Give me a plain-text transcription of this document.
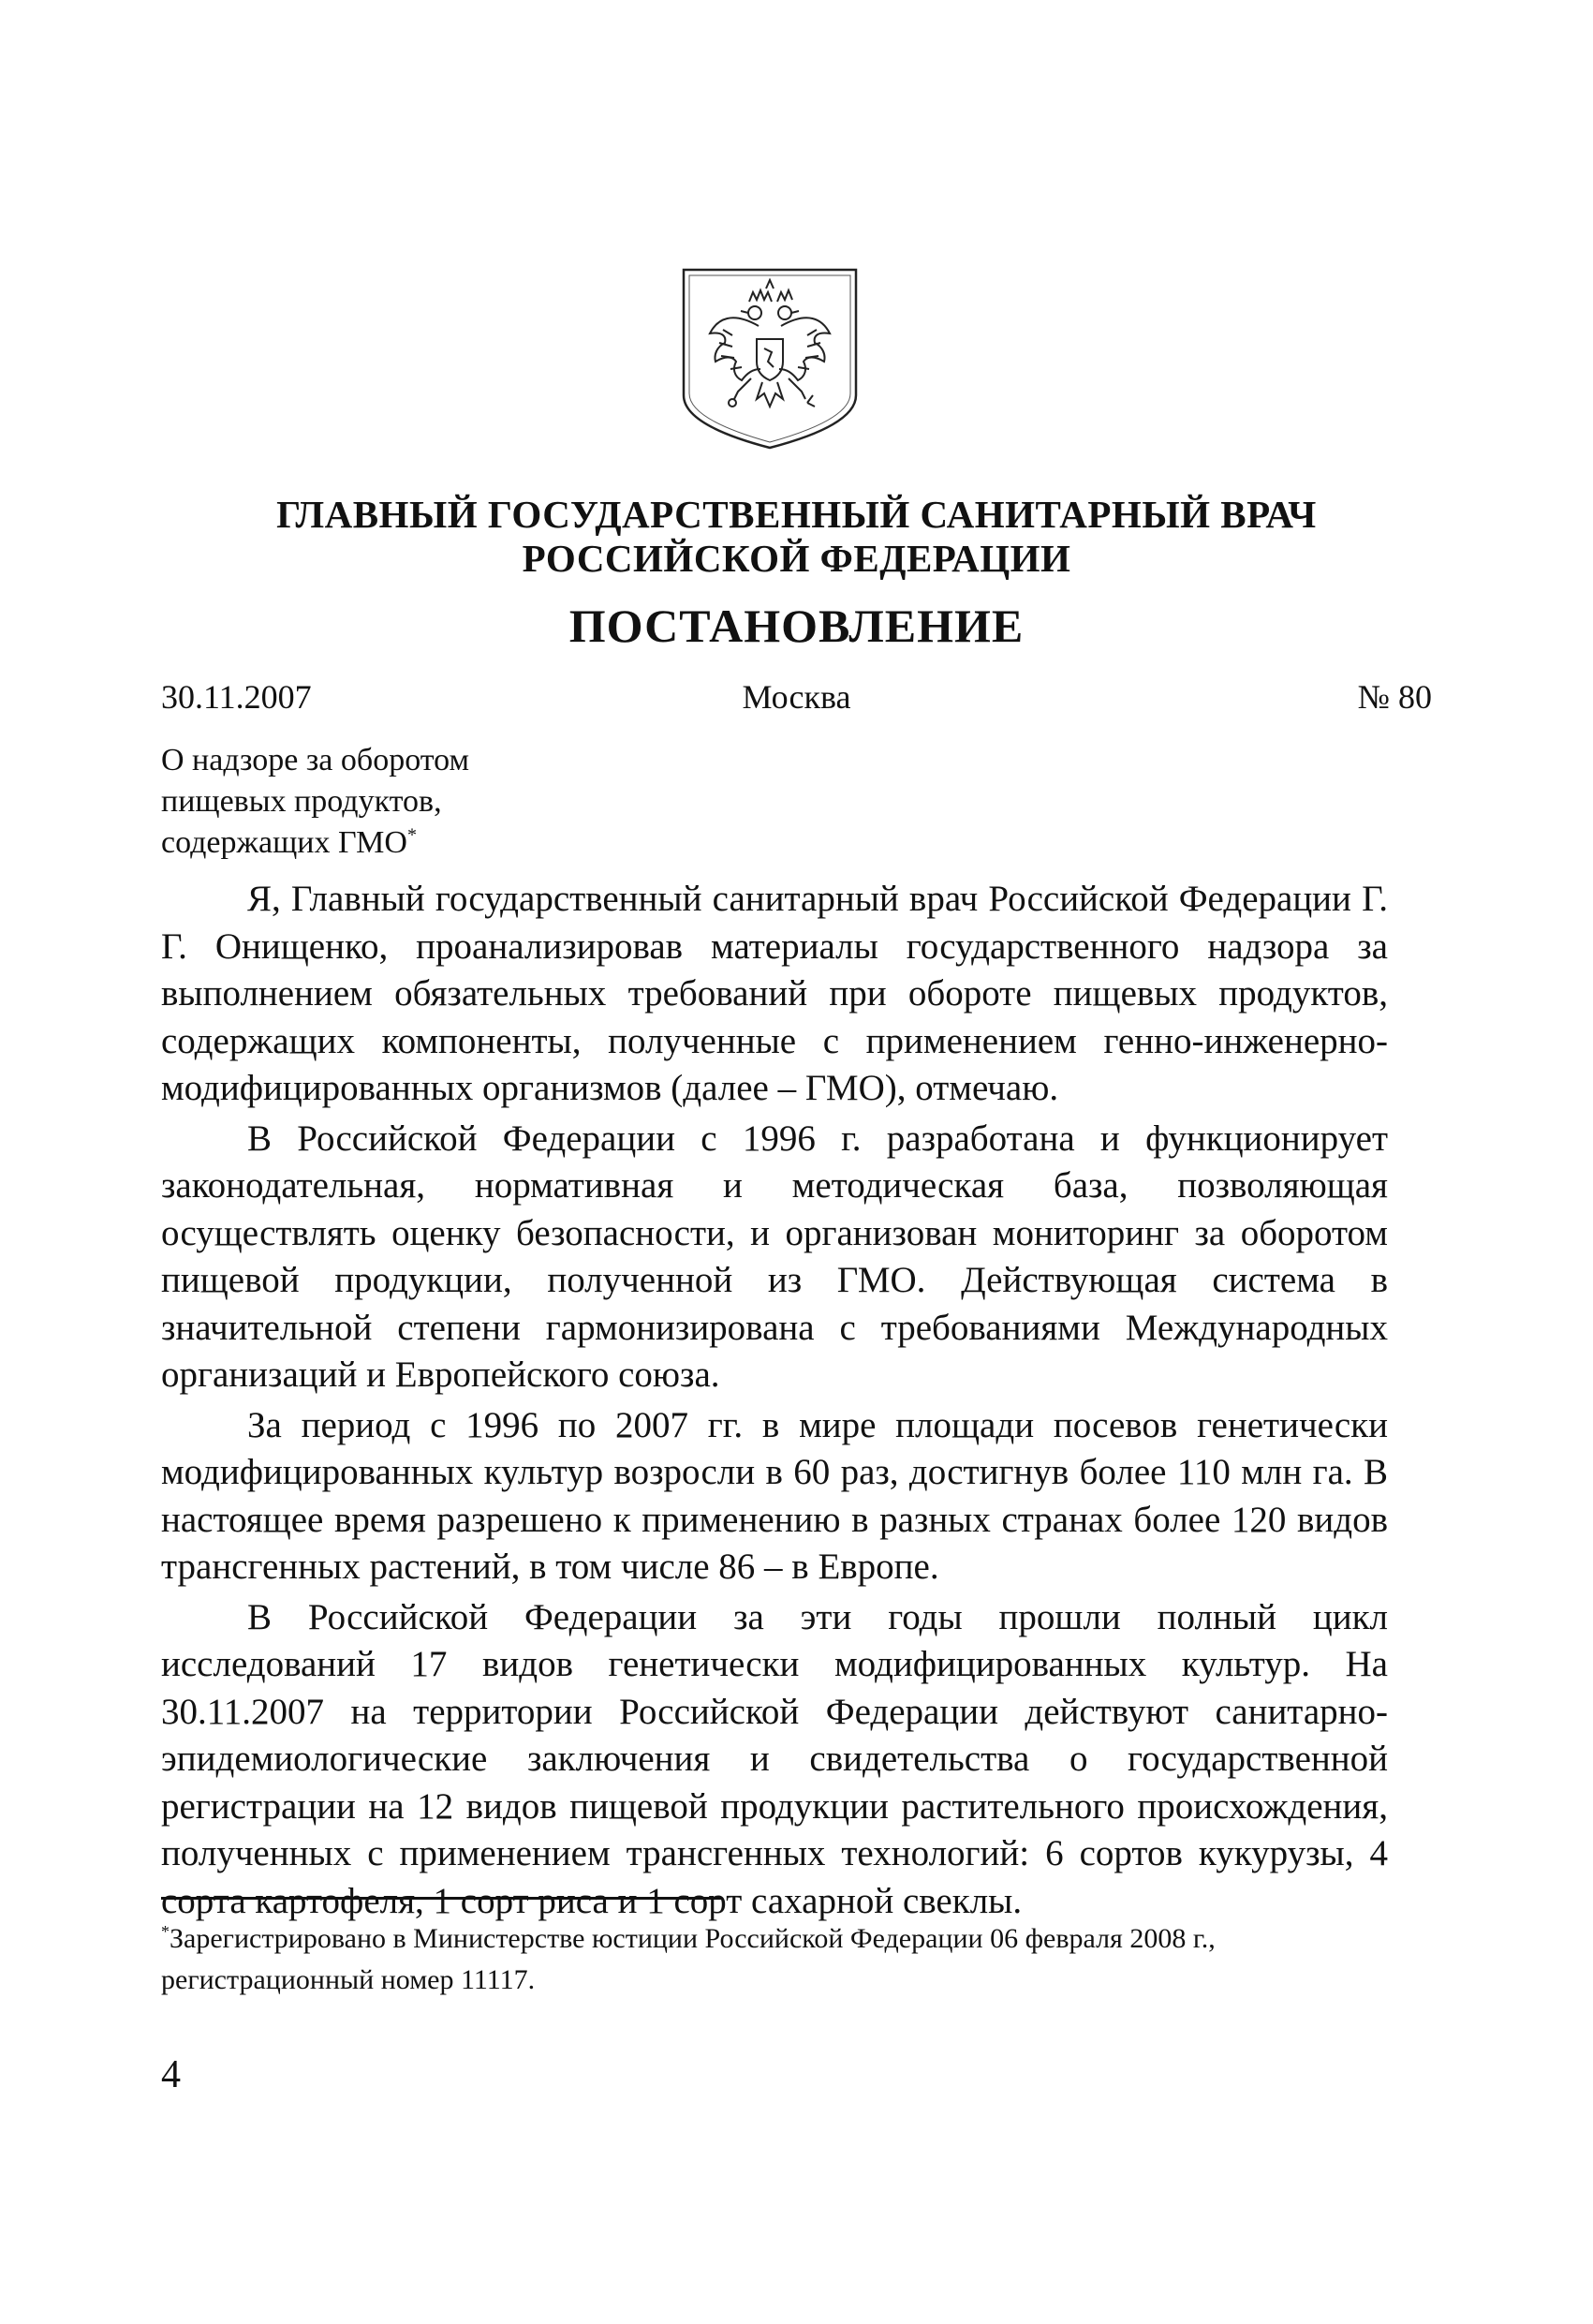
ГЛАВНЫЙ ГОСУДАРСТВЕННЫЙ САНИТАРНЫЙ ВРАЧ
РОССИЙСКОЙ ФЕДЕРАЦИИ
ПОСТАНОВЛЕНИЕ
30.11.2007	Москва	№ 80
О надзоре за оборотом
пищевых продуктов,
содержащих ГМО*

Я, Главный государственный санитарный врач Российской Федерации Г. Г. Онищенко, проанализировав материалы государственного надзора за выполнением обязательных требований при обороте пищевых продуктов, содержащих компоненты, полученные с применением генно-инженерно-модифицированных организмов (далее – ГМО), отмечаю.

В Российской Федерации с 1996 г. разработана и функционирует законодательная, нормативная и методическая база, позволяющая осуществлять оценку безопасности, и организован мониторинг за оборотом пищевой продукции, полученной из ГМО. Действующая система в значительной степени гармонизирована с требованиями Международных организаций и Европейского союза.

За период с 1996 по 2007 гг. в мире площади посевов генетически модифицированных культур возросли в 60 раз, достигнув более 110 млн га. В настоящее время разрешено к применению в разных странах более 120 видов трансгенных растений, в том числе 86 – в Европе.

В Российской Федерации за эти годы прошли полный цикл исследований 17 видов генетически модифицированных культур. На 30.11.2007 на территории Российской Федерации действуют санитарно-эпидемиологические заключения и свидетельства о государственной регистрации на 12 видов пищевой продукции растительного происхождения, полученных с применением трансгенных технологий: 6 сортов кукурузы, 4 сорта картофеля, 1 сорт риса и 1 сорт сахарной свеклы.

*Зарегистрировано в Министерстве юстиции Российской Федерации 06 февраля 2008 г., регистрационный номер 11117.
4
